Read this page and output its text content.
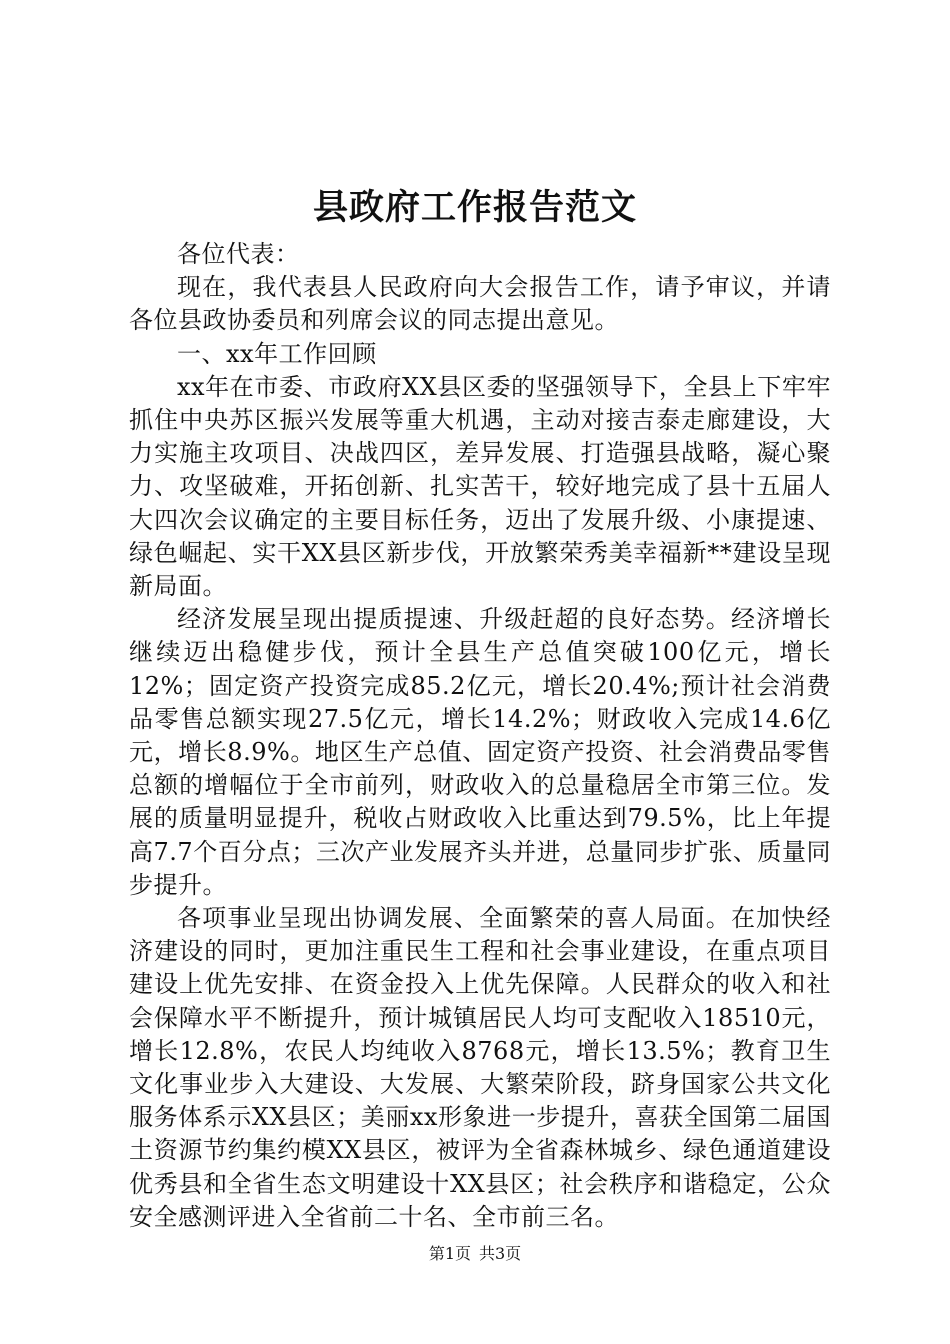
县政府工作报告范文

各位代表：

现在，我代表县人民政府向大会报告工作，请予审议，并请各位县政协委员和列席会议的同志提出意见。

一、xx年工作回顾

xx年在市委、市政府XX县区委的坚强领导下，全县上下牢牢抓住中央苏区振兴发展等重大机遇，主动对接吉泰走廊建设，大力实施主攻项目、决战四区，差异发展、打造强县战略，凝心聚力、攻坚破难，开拓创新、扎实苦干，较好地完成了县十五届人大四次会议确定的主要目标任务，迈出了发展升级、小康提速、绿色崛起、实干XX县区新步伐，开放繁荣秀美幸福新**建设呈现新局面。

经济发展呈现出提质提速、升级赶超的良好态势。经济增长继续迈出稳健步伐，预计全县生产总值突破100亿元，增长12%；固定资产投资完成85.2亿元，增长20.4%;预计社会消费品零售总额实现27.5亿元，增长14.2%；财政收入完成14.6亿元，增长8.9%。地区生产总值、固定资产投资、社会消费品零售总额的增幅位于全市前列，财政收入的总量稳居全市第三位。发展的质量明显提升，税收占财政收入比重达到79.5%，比上年提高7.7个百分点；三次产业发展齐头并进，总量同步扩张、质量同步提升。

各项事业呈现出协调发展、全面繁荣的喜人局面。在加快经济建设的同时，更加注重民生工程和社会事业建设，在重点项目建设上优先安排、在资金投入上优先保障。人民群众的收入和社会保障水平不断提升，预计城镇居民人均可支配收入18510元，增长12.8%，农民人均纯收入8768元，增长13.5%；教育卫生文化事业步入大建设、大发展、大繁荣阶段，跻身国家公共文化服务体系示XX县区；美丽xx形象进一步提升，喜获全国第二届国土资源节约集约模XX县区，被评为全省森林城乡、绿色通道建设优秀县和全省生态文明建设十XX县区；社会秩序和谐稳定，公众安全感测评进入全省前二十名、全市前三名。

第1页 共3页
